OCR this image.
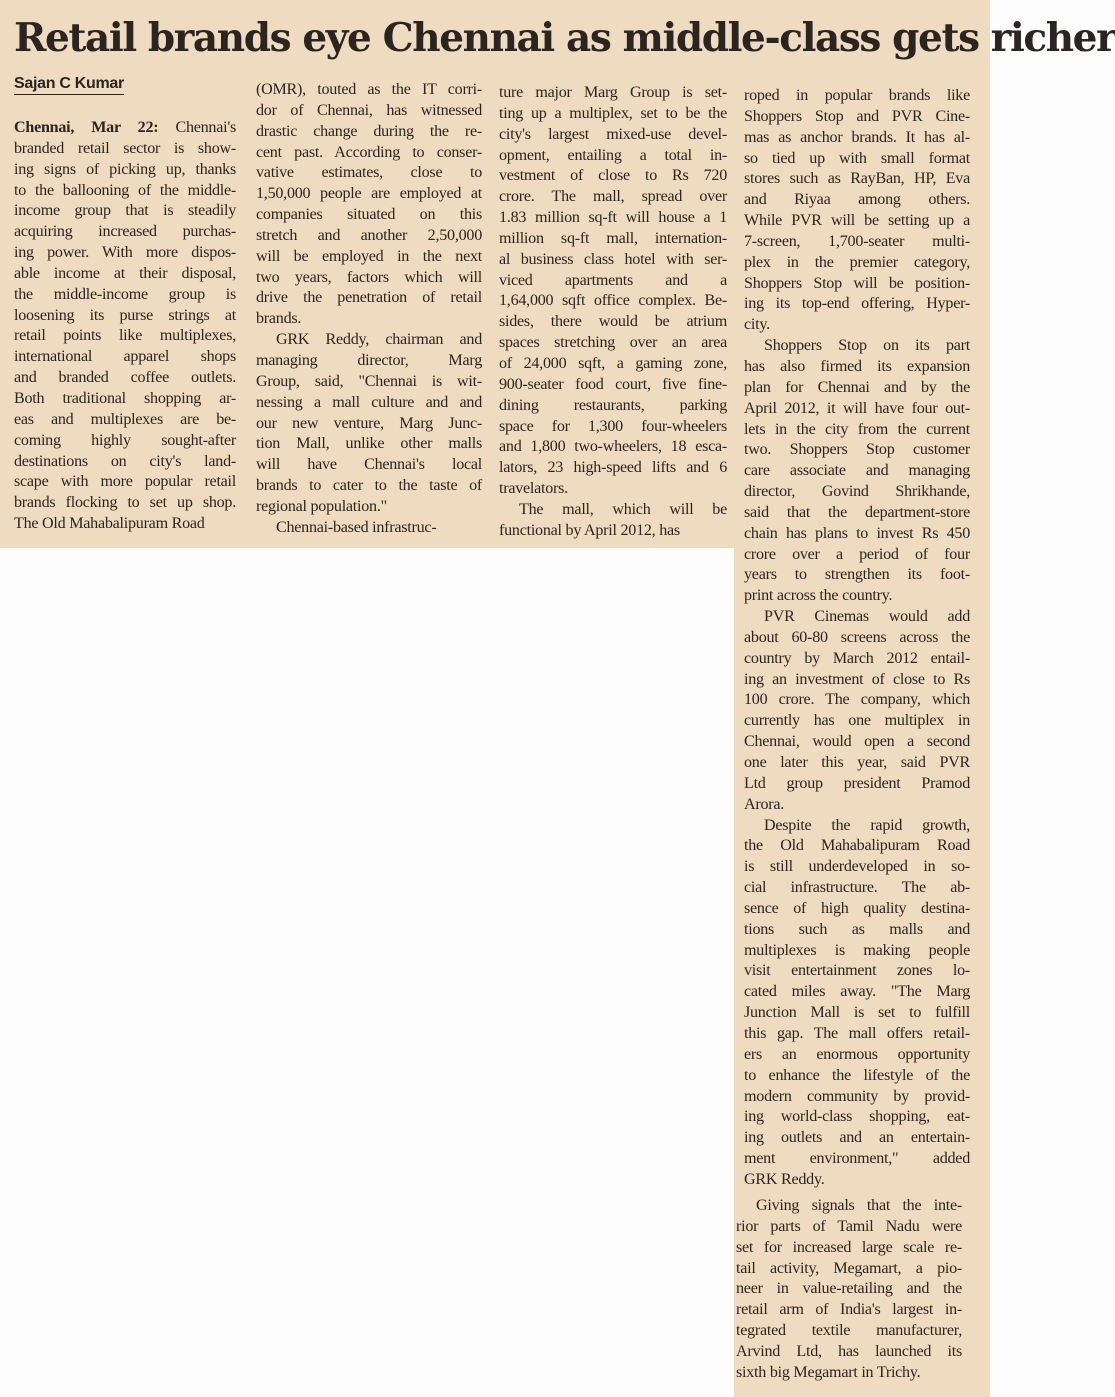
Retail brands eye Chennai as middle-class gets richer
Sajan C Kumar
Chennai, Mar 22: Chennai's
branded retail sector is show-
ing signs of picking up, thanks
to the ballooning of the middle-
income group that is steadily
acquiring increased purchas-
ing power. With more dispos-
able income at their disposal,
the middle-income group is
loosening its purse strings at
retail points like multiplexes,
international apparel shops
and branded coffee outlets.
Both traditional shopping ar-
eas and multiplexes are be-
coming highly sought-after
destinations on city's land-
scape with more popular retail
brands flocking to set up shop.
The Old Mahabalipuram Road
(OMR), touted as the IT corri-
dor of Chennai, has witnessed
drastic change during the re-
cent past. According to conser-
vative estimates, close to
1,50,000 people are employed at
companies situated on this
stretch and another 2,50,000
will be employed in the next
two years, factors which will
drive the penetration of retail
brands.
GRK Reddy, chairman and
managing director, Marg
Group, said, "Chennai is wit-
nessing a mall culture and and
our new venture, Marg Junc-
tion Mall, unlike other malls
will have Chennai's local
brands to cater to the taste of
regional population."
Chennai-based infrastruc-
ture major Marg Group is set-
ting up a multiplex, set to be the
city's largest mixed-use devel-
opment, entailing a total in-
vestment of close to Rs 720
crore. The mall, spread over
1.83 million sq-ft will house a 1
million sq-ft mall, internation-
al business class hotel with ser-
viced apartments and a
1,64,000 sqft office complex. Be-
sides, there would be atrium
spaces stretching over an area
of 24,000 sqft, a gaming zone,
900-seater food court, five fine-
dining restaurants, parking
space for 1,300 four-wheelers
and 1,800 two-wheelers, 18 esca-
lators, 23 high-speed lifts and 6
travelators.
The mall, which will be
functional by April 2012, has
roped in popular brands like
Shoppers Stop and PVR Cine-
mas as anchor brands. It has al-
so tied up with small format
stores such as RayBan, HP, Eva
and Riyaa among others.
While PVR will be setting up a
7-screen, 1,700-seater multi-
plex in the premier category,
Shoppers Stop will be position-
ing its top-end offering, Hyper-
city.
Shoppers Stop on its part
has also firmed its expansion
plan for Chennai and by the
April 2012, it will have four out-
lets in the city from the current
two. Shoppers Stop customer
care associate and managing
director, Govind Shrikhande,
said that the department-store
chain has plans to invest Rs 450
crore over a period of four
years to strengthen its foot-
print across the country.
PVR Cinemas would add
about 60-80 screens across the
country by March 2012 entail-
ing an investment of close to Rs
100 crore. The company, which
currently has one multiplex in
Chennai, would open a second
one later this year, said PVR
Ltd group president Pramod
Arora.
Despite the rapid growth,
the Old Mahabalipuram Road
is still underdeveloped in so-
cial infrastructure. The ab-
sence of high quality destina-
tions such as malls and
multiplexes is making people
visit entertainment zones lo-
cated miles away. "The Marg
Junction Mall is set to fulfill
this gap. The mall offers retail-
ers an enormous opportunity
to enhance the lifestyle of the
modern community by provid-
ing world-class shopping, eat-
ing outlets and an entertain-
ment environment," added
GRK Reddy.
Giving signals that the inte-
rior parts of Tamil Nadu were
set for increased large scale re-
tail activity, Megamart, a pio-
neer in value-retailing and the
retail arm of India's largest in-
tegrated textile manufacturer,
Arvind Ltd, has launched its
sixth big Megamart in Trichy.
